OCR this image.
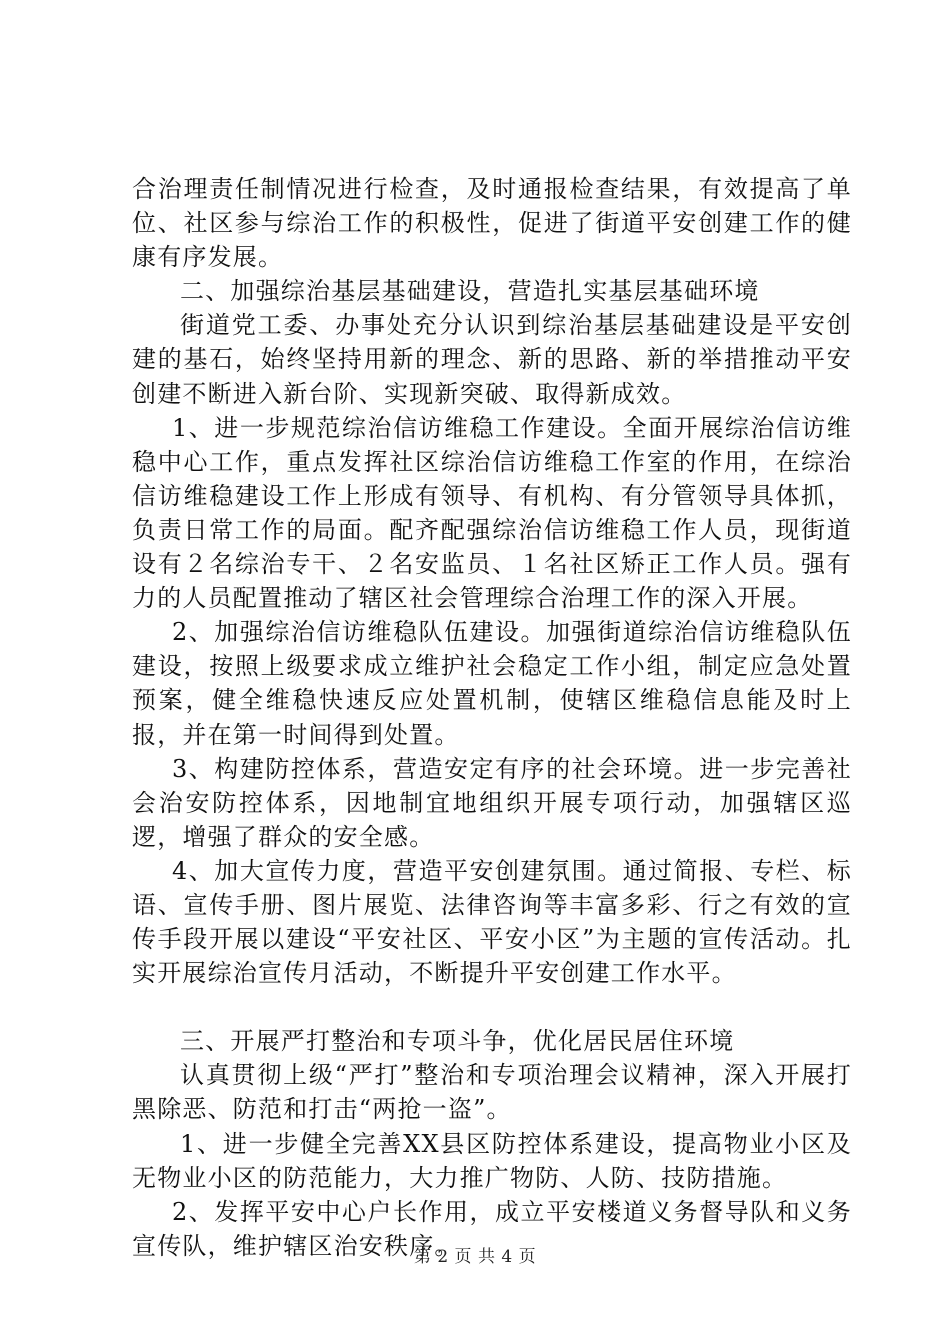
合治理责任制情况进行检查，及时通报检查结果，有效提高了单位、社区参与综治工作的积极性，促进了街道平安创建工作的健康有序发展。

二、加强综治基层基础建设，营造扎实基层基础环境

街道党工委、办事处充分认识到综治基层基础建设是平安创建的基石，始终坚持用新的理念、新的思路、新的举措推动平安创建不断进入新台阶、实现新突破、取得新成效。

1、进一步规范综治信访维稳工作建设。全面开展综治信访维稳中心工作，重点发挥社区综治信访维稳工作室的作用，在综治信访维稳建设工作上形成有领导、有机构、有分管领导具体抓，负责日常工作的局面。配齐配强综治信访维稳工作人员，现街道设有２名综治专干、２名安监员、１名社区矫正工作人员。强有力的人员配置推动了辖区社会管理综合治理工作的深入开展。

2、加强综治信访维稳队伍建设。加强街道综治信访维稳队伍建设，按照上级要求成立维护社会稳定工作小组，制定应急处置预案，健全维稳快速反应处置机制，使辖区维稳信息能及时上报，并在第一时间得到处置。

3、构建防控体系，营造安定有序的社会环境。进一步完善社会治安防控体系，因地制宜地组织开展专项行动，加强辖区巡逻，增强了群众的安全感。

4、加大宣传力度，营造平安创建氛围。通过简报、专栏、标语、宣传手册、图片展览、法律咨询等丰富多彩、行之有效的宣传手段开展以建设“平安社区、平安小区”为主题的宣传活动。扎实开展综治宣传月活动，不断提升平安创建工作水平。

三、开展严打整治和专项斗争，优化居民居住环境

认真贯彻上级“严打”整治和专项治理会议精神，深入开展打黑除恶、防范和打击“两抢一盗”。

1、进一步健全完善XX县区防控体系建设，提高物业小区及无物业小区的防范能力，大力推广物防、人防、技防措施。

2、发挥平安中心户长作用，成立平安楼道义务督导队和义务宣传队，维护辖区治安秩序。

第 2 页 共 4 页
